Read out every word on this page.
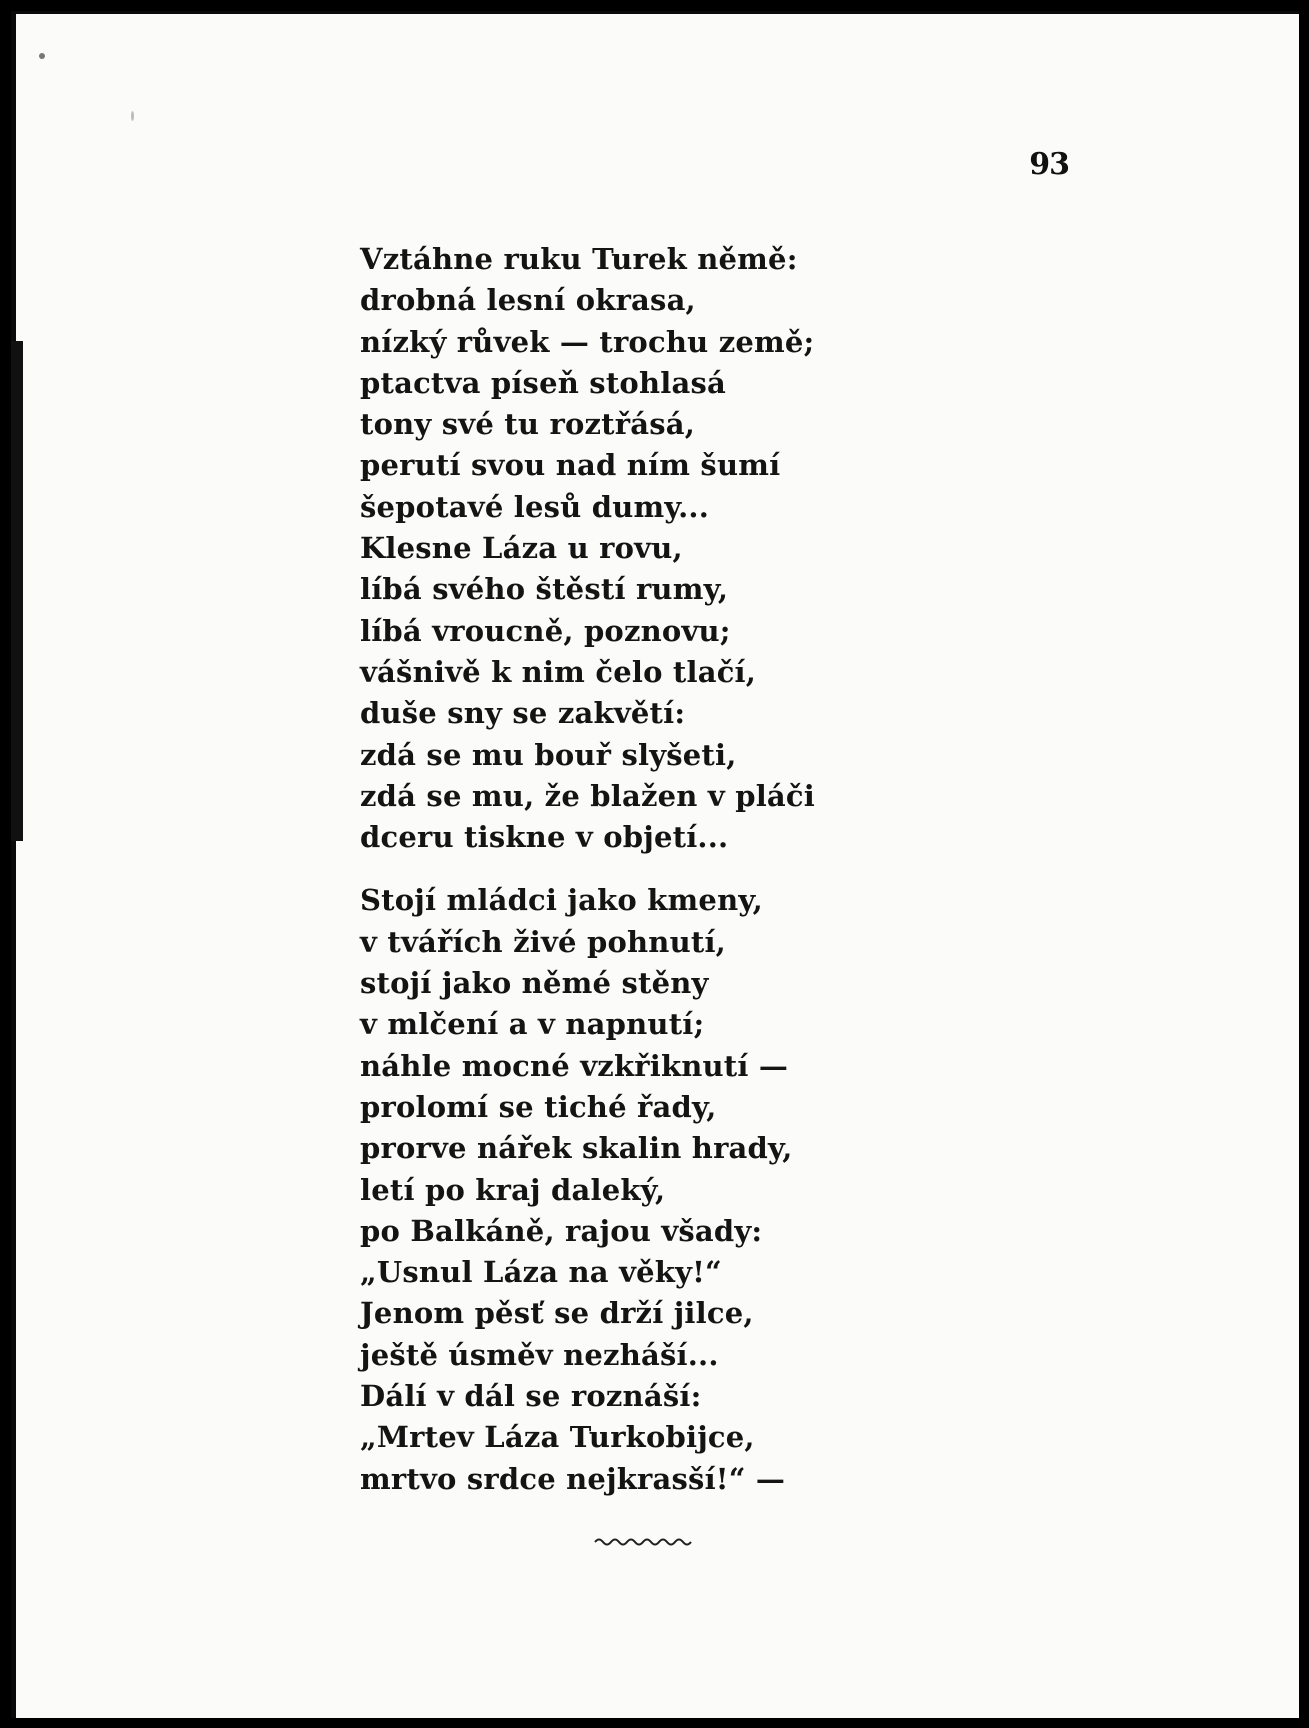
93
Vztáhne ruku Turek němě:
drobná lesní okrasa,
nízký růvek — trochu země;
ptactva píseň stohlasá
tony své tu roztřásá,
perutí svou nad ním šumí
šepotavé lesů dumy...
Klesne Láza u rovu,
líbá svého štěstí rumy,
líbá vroucně, poznovu;
vášnivě k nim čelo tlačí,
duše sny se zakvětí:
zdá se mu bouř slyšeti,
zdá se mu, že blažen v pláči
dceru tiskne v objetí...
Stojí mládci jako kmeny,
v tvářích živé pohnutí,
stojí jako němé stěny
v mlčení a v napnutí;
náhle mocné vzkřiknutí —
prolomí se tiché řady,
prorve nářek skalin hrady,
letí po kraj daleký,
po Balkáně, rajou všady:
„Usnul Láza na věky!“
Jenom pěsť se drží jilce,
ještě úsměv nezháší...
Dálí v dál se roznáší:
„Mrtev Láza Turkobijce,
mrtvo srdce nejkrasší!“ —
